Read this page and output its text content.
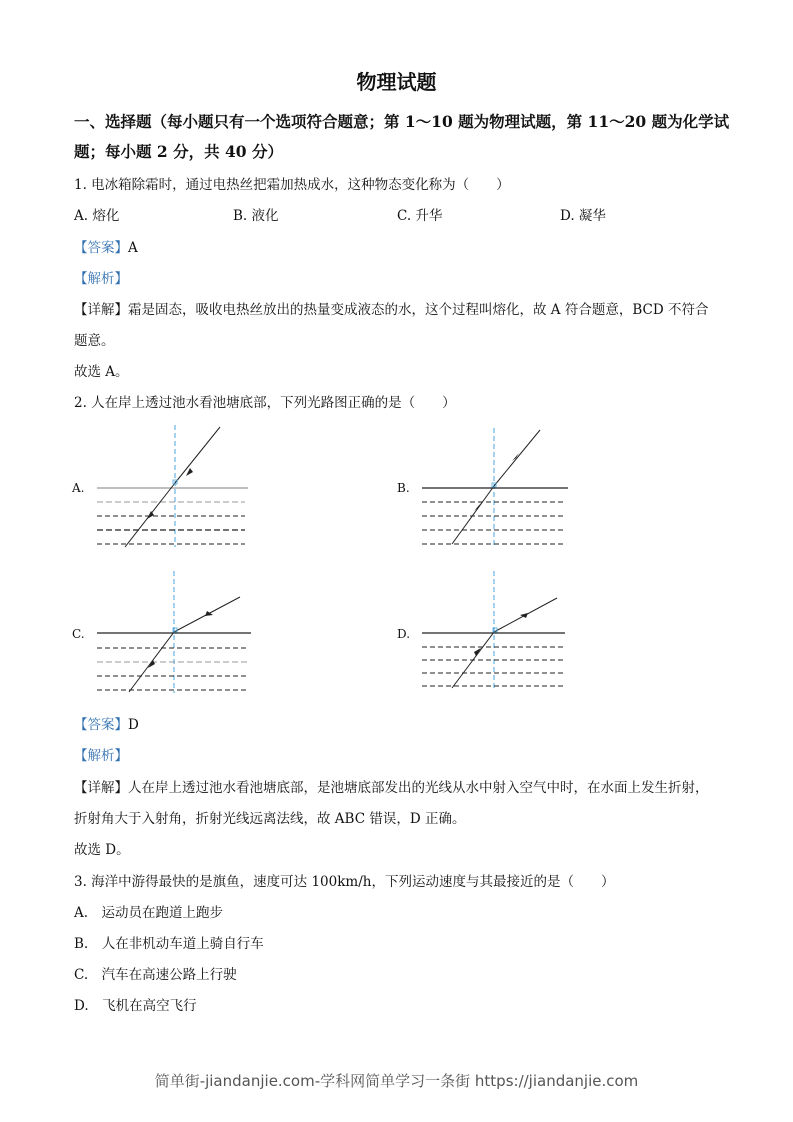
物理试题
一、选择题（每小题只有一个选项符合题意；第 1～10 题为物理试题，第 11～20 题为化学试
题；每小题 2 分，共 40 分）
1. 电冰箱除霜时，通过电热丝把霜加热成水，这种物态变化称为（　　）
A. 熔化	B. 液化	C. 升华	D. 凝华
【答案】A
【解析】
【详解】霜是固态，吸收电热丝放出的热量变成液态的水，这个过程叫熔化，故 A 符合题意，BCD 不符合
题意。
故选 A。
2. 人在岸上透过池水看池塘底部，下列光路图正确的是（　　）
A.	B.
C.	D.
【答案】D
【解析】
【详解】人在岸上透过池水看池塘底部，是池塘底部发出的光线从水中射入空气中时，在水面上发生折射，
折射角大于入射角，折射光线远离法线，故 ABC 错误，D 正确。
故选 D。
3. 海洋中游得最快的是旗鱼，速度可达 100km/h，下列运动速度与其最接近的是（　　）
A.　运动员在跑道上跑步
B.　人在非机动车道上骑自行车
C.　汽车在高速公路上行驶
D.　飞机在高空飞行
简单街-jiandanjie.com-学科网简单学习一条街 https://jiandanjie.com
